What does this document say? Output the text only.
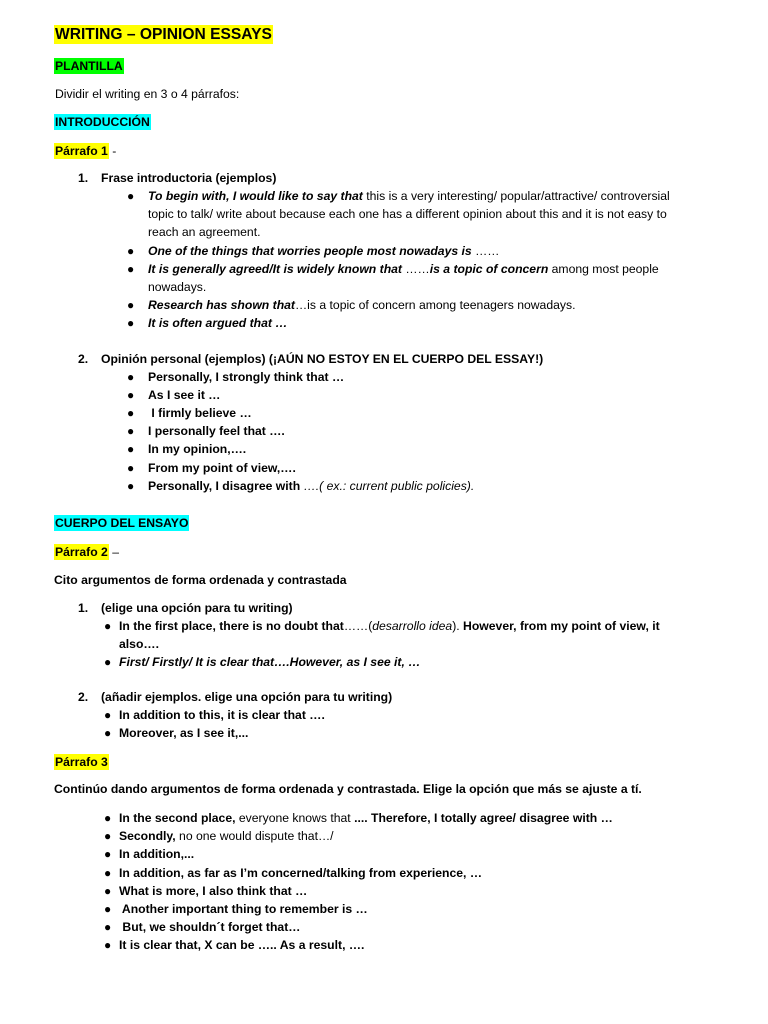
WRITING – OPINION ESSAYS
PLANTILLA
Dividir el writing en 3 o 4 párrafos:
INTRODUCCIÓN
Párrafo 1 -
1.	Frase introductoria (ejemplos)
● To begin with, I would like to say that this is a very interesting/ popular/attractive/ controversial
topic to talk/ write about because each one has a different opinion about this and it is not easy to
reach an agreement.
● One of the things that worries people most nowadays is ……
● It is generally agreed/It is widely known that ……is a topic of concern among most people
nowadays.
● Research has shown that…is a topic of concern among teenagers nowadays.
● It is often argued that …
2.	Opinión personal (ejemplos) (¡AÚN NO ESTOY EN EL CUERPO DEL ESSAY!)
● Personally, I strongly think that …
● As I see it …
● I firmly believe …
● I personally feel that ….
● In my opinion,….
● From my point of view,….
● Personally, I disagree with ….( ex.: current public policies).
CUERPO DEL ENSAYO
Párrafo 2 –
Cito argumentos de forma ordenada y contrastada
1.	(elige una opción para tu writing)
● In the first place, there is no doubt that……(desarrollo idea). However, from my point of view, it
also….
● First/ Firstly/ It is clear that….However, as I see it, …
2.	(añadir ejemplos. elige una opción para tu writing)
● In addition to this, it is clear that ….
● Moreover, as I see it,...
Párrafo 3
Continúo dando argumentos de forma ordenada y contrastada. Elige la opción que más se ajuste a tí.
● In the second place, everyone knows that .... Therefore, I totally agree/ disagree with …
● Secondly, no one would dispute that…/
● In addition,...
● In addition, as far as I’m concerned/talking from experience, …
● What is more, I also think that …
● Another important thing to remember is …
● But, we shouldn´t forget that…
● It is clear that, X can be ….. As a result, ….
